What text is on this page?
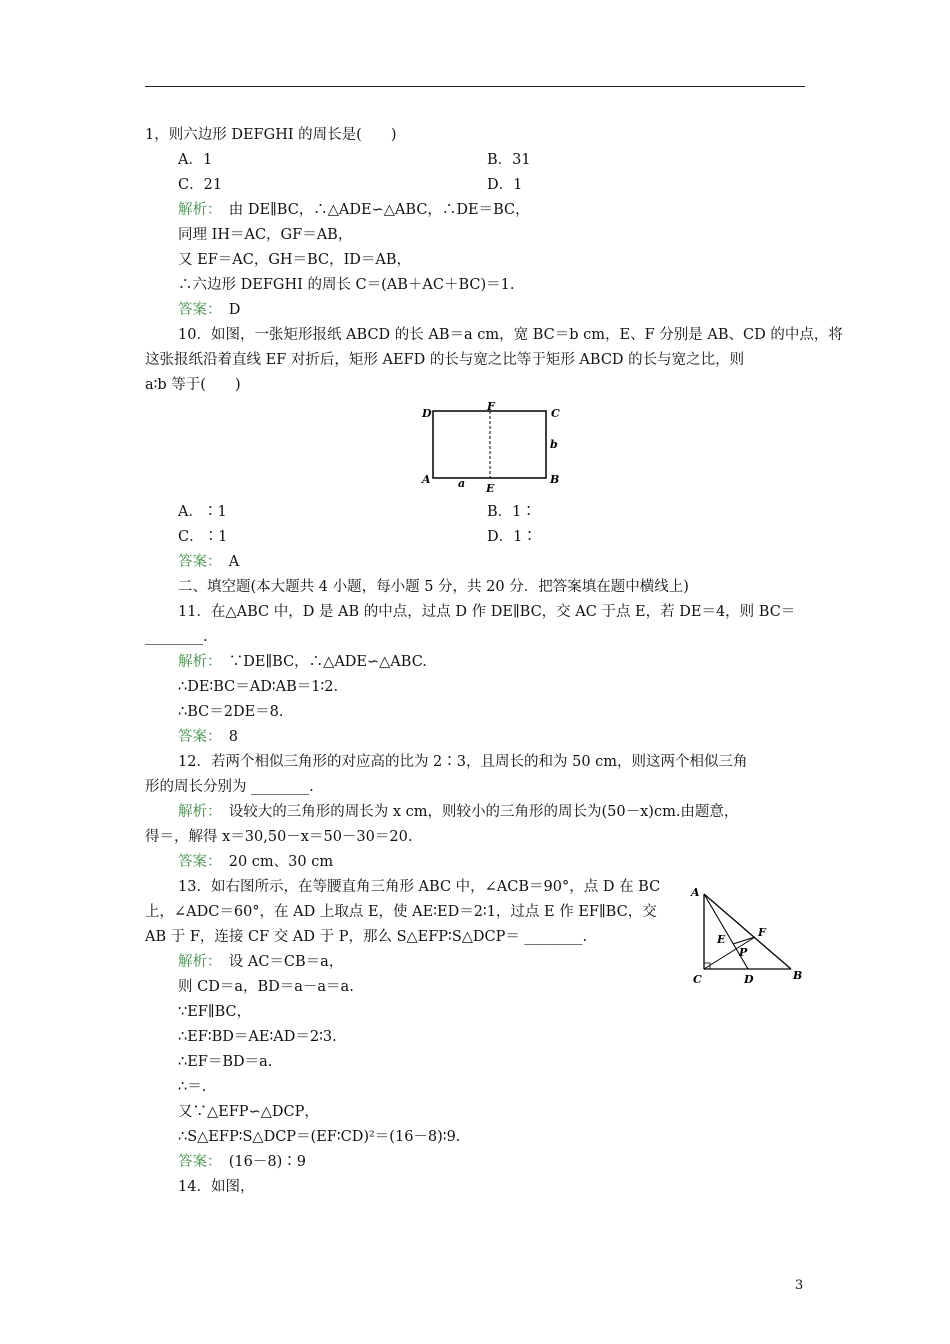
1，则六边形 DEFGHI 的周长是(　　)
A．1	B．31
C．21	D．1
解析：　由 DE∥BC，∴△ADE∽△ABC，∴DE＝BC，
同理 IH＝AC，GF＝AB，
又 EF＝AC，GH＝BC，ID＝AB，
∴六边形 DEFGHI 的周长 C＝(AB＋AC＋BC)＝1.
答案：　D
10．如图，一张矩形报纸 ABCD 的长 AB＝a cm，宽 BC＝b cm，E、F 分别是 AB、CD 的中点，将
这张报纸沿着直线 EF 对折后，矩形 AEFD 的长与宽之比等于矩形 ABCD 的长与宽之比，则
a∶b 等于(　　)
D
F
C
b
A a E
B
A．∶1	B．1∶
C．∶1	D．1∶
答案：　A
二、填空题(本大题共 4 小题，每小题 5 分，共 20 分．把答案填在题中横线上)
11．在△ABC 中，D 是 AB 的中点，过点 D 作 DE∥BC，交 AC 于点 E，若 DE＝4，则 BC＝
________.
解析：　∵DE∥BC，∴△ADE∽△ABC.
∴DE∶BC＝AD∶AB＝1∶2.
∴BC＝2DE＝8.
答案：　8
12．若两个相似三角形的对应高的比为 2∶3，且周长的和为 50 cm，则这两个相似三角
形的周长分别为 ________.
解析：　设较大的三角形的周长为 x cm，则较小的三角形的周长为(50－x)cm.由题意，
得＝，解得 x＝30,50－x＝50－30＝20.
答案：　20 cm、30 cm
13．如右图所示，在等腰直角三角形 ABC 中，∠ACB＝90°，点 D 在 BC
上，∠ADC＝60°，在 AD 上取点 E，使 AE∶ED＝2∶1，过点 E 作 EF∥BC，交
AB 于 F，连接 CF 交 AD 于 P，那么 S△EFP∶S△DCP＝ ________.
A
C	D	B
E
F
P
解析：　设 AC＝CB＝a，
则 CD＝a，BD＝a－a＝a.
∵EF∥BC，
∴EF∶BD＝AE∶AD＝2∶3.
∴EF＝BD＝a.
∴＝.
又∵△EFP∽△DCP，
∴S△EFP∶S△DCP＝(EF∶CD)²＝(16－8)∶9.
答案：　(16－8)∶9
14．如图，
3
